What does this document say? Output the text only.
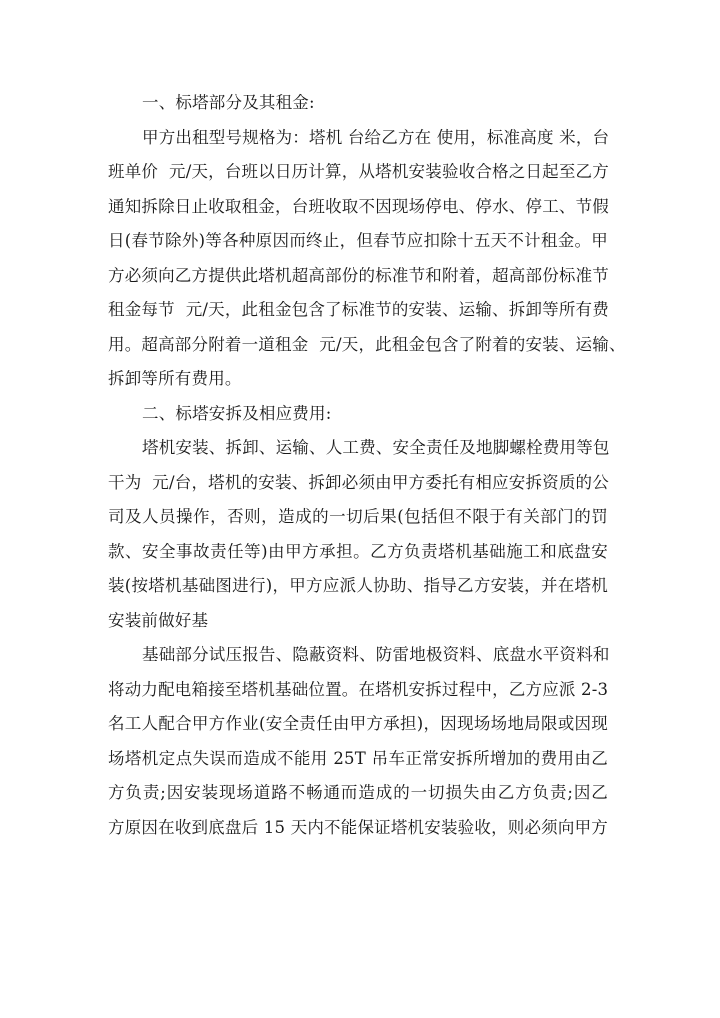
一、标塔部分及其租金:
甲方出租型号规格为：塔机 台给乙方在 使用，标准高度 米，台
班单价  元/天，台班以日历计算，从塔机安装验收合格之日起至乙方
通知拆除日止收取租金，台班收取不因现场停电、停水、停工、节假
日(春节除外)等各种原因而终止，但春节应扣除十五天不计租金。甲
方必须向乙方提供此塔机超高部份的标准节和附着，超高部份标准节
租金每节  元/天，此租金包含了标准节的安装、运输、拆卸等所有费
用。超高部分附着一道租金  元/天，此租金包含了附着的安装、运输、
拆卸等所有费用。
二、标塔安拆及相应费用:
塔机安装、拆卸、运输、人工费、安全责任及地脚螺栓费用等包
干为  元/台，塔机的安装、拆卸必须由甲方委托有相应安拆资质的公
司及人员操作，否则，造成的一切后果(包括但不限于有关部门的罚
款、安全事故责任等)由甲方承担。乙方负责塔机基础施工和底盘安
装(按塔机基础图进行)，甲方应派人协助、指导乙方安装，并在塔机
安装前做好基
基础部分试压报告、隐蔽资料、防雷地极资料、底盘水平资料和
将动力配电箱接至塔机基础位置。在塔机安拆过程中，乙方应派 2-3
名工人配合甲方作业(安全责任由甲方承担)，因现场场地局限或因现
场塔机定点失误而造成不能用 25T 吊车正常安拆所增加的费用由乙
方负责;因安装现场道路不畅通而造成的一切损失由乙方负责;因乙
方原因在收到底盘后 15 天内不能保证塔机安装验收，则必须向甲方
